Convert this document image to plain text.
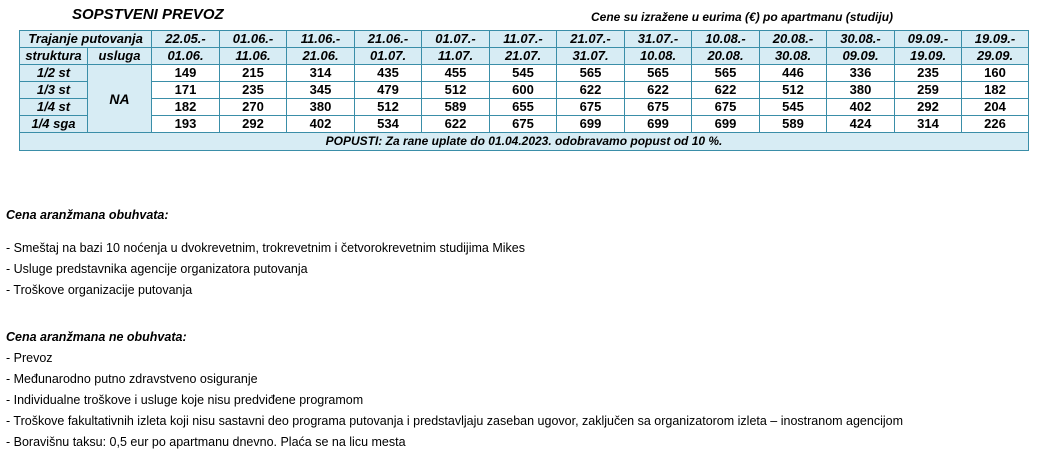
SOPSTVENI PREVOZ	Cene su izražene u eurima (€) po apartmanu (studiju)
Trajanje putovanja		22.05.-	01.06.-	11.06.-	21.06.-	01.07.-	11.07.-	21.07.-	31.07.-	10.08.-	20.08.-	30.08.-	09.09.-	19.09.-
struktura	usluga	01.06.	11.06.	21.06.	01.07.	11.07.	21.07.	31.07.	10.08.	20.08.	30.08.	09.09.	19.09.	29.09.
1/2 st	NA	149	215	314	435	455	545	565	565	565	446	336	235	160
1/3 st		171	235	345	479	512	600	622	622	622	512	380	259	182
1/4 st		182	270	380	512	589	655	675	675	675	545	402	292	204
1/4 sga		193	292	402	534	622	675	699	699	699	589	424	314	226
POPUSTI: Za rane uplate do 01.04.2023. odobravamo popust od 10 %.														
Cena aranžmana obuhvata:
- Smeštaj na bazi 10 noćenja u dvokrevetnim, trokrevetnim i četvorokrevetnim studijima Mikes
- Usluge predstavnika agencije organizatora putovanja
- Troškove organizacije putovanja
Cena aranžmana ne obuhvata:
- Prevoz
- Međunarodno putno zdravstveno osiguranje
- Individualne troškove i usluge koje nisu predviđene programom
- Troškove fakultativnih izleta koji nisu sastavni deo programa putovanja i predstavljaju zaseban ugovor, zaključen sa organizatorom izleta – inostranom agencijom
- Boravišnu taksu: 0,5 eur po apartmanu dnevno. Plaća se na licu mesta
